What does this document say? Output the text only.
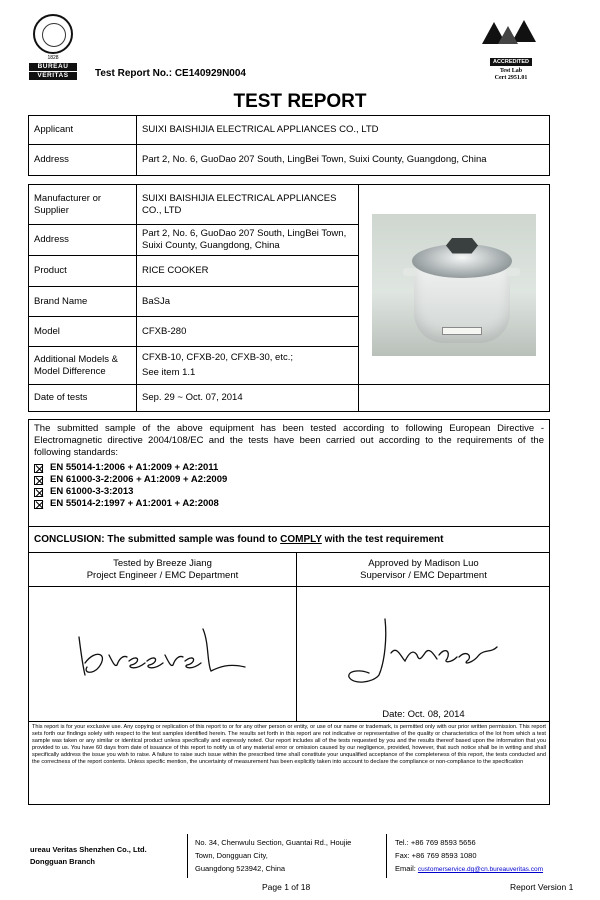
1828
BUREAU
VERITAS	Test Report No.: CE140929N004
ACCREDITED
Test Lab
Cert 2951.01
TEST REPORT
Applicant	SUIXI BAISHIJIA ELECTRICAL APPLIANCES CO., LTD
Address	Part 2, No. 6, GuoDao 207 South, LingBei Town, Suixi County, Guangdong, China
Manufacturer or Supplier	SUIXI BAISHIJIA ELECTRICAL APPLIANCES CO., LTD	

Address	Part 2, No. 6, GuoDao 207 South, LingBei Town, Suixi County, Guangdong, China	
Product	RICE COOKER	
Brand Name	BaSJa	
Model	CFXB-280	
Additional Models & Model Difference	CFXB-10, CFXB-20, CFXB-30, etc.;
See item 1.1	

Date of tests	Sep. 29 ~ Oct. 07, 2014	
The submitted sample of the above equipment has been tested according to following European Directive - Electromagnetic directive 2004/108/EC and the tests have been carried out according to the requirements of the following standards:
EN 55014-1:2006 + A1:2009 + A2:2011
EN 61000-3-2:2006 + A1:2009 + A2:2009
EN 61000-3-3:2013
EN 55014-2:1997 + A1:2001 + A2:2008
CONCLUSION: The submitted sample was found to COMPLY with the test requirement
Tested by Breeze Jiang
Project Engineer / EMC Department
Approved by Madison Luo
Supervisor / EMC Department
Date: Oct. 08, 2014
This report is for your exclusive use. Any copying or replication of this report to or for any other person or entity, or use of our name or trademark, is permitted only with our prior written permission. This report sets forth our findings solely with respect to the test samples identified herein. The results set forth in this report are not indicative or representative of the quality or characteristics of the lot from which a test sample was taken or any similar or identical product unless specifically and expressly noted. Our report includes all of the tests requested by you and the results thereof based upon the information that you provided to us. You have 60 days from date of issuance of this report to notify us of any material error or omission caused by our negligence, provided, however, that such notice shall be in writing and shall specifically address the issue you wish to raise. A failure to raise such issue within the prescribed time shall constitute your unqualified acceptance of the completeness of this report, the tests conducted and the correctness of the report contents. Unless specific mention, the uncertainty of measurement has been explicitly taken into account to declare the compliance or non-compliance to the specification
ureau Veritas Shenzhen Co., Ltd.
Dongguan Branch
No. 34, Chenwulu Section, Guantai Rd., Houjie
Town, Dongguan City,
Guangdong 523942, China
Tel.: +86 769 8593 5656
Fax: +86 769 8593 1080
Email: customerservice.dg@cn.bureauveritas.com
Page 1 of 18	Report Version 1
